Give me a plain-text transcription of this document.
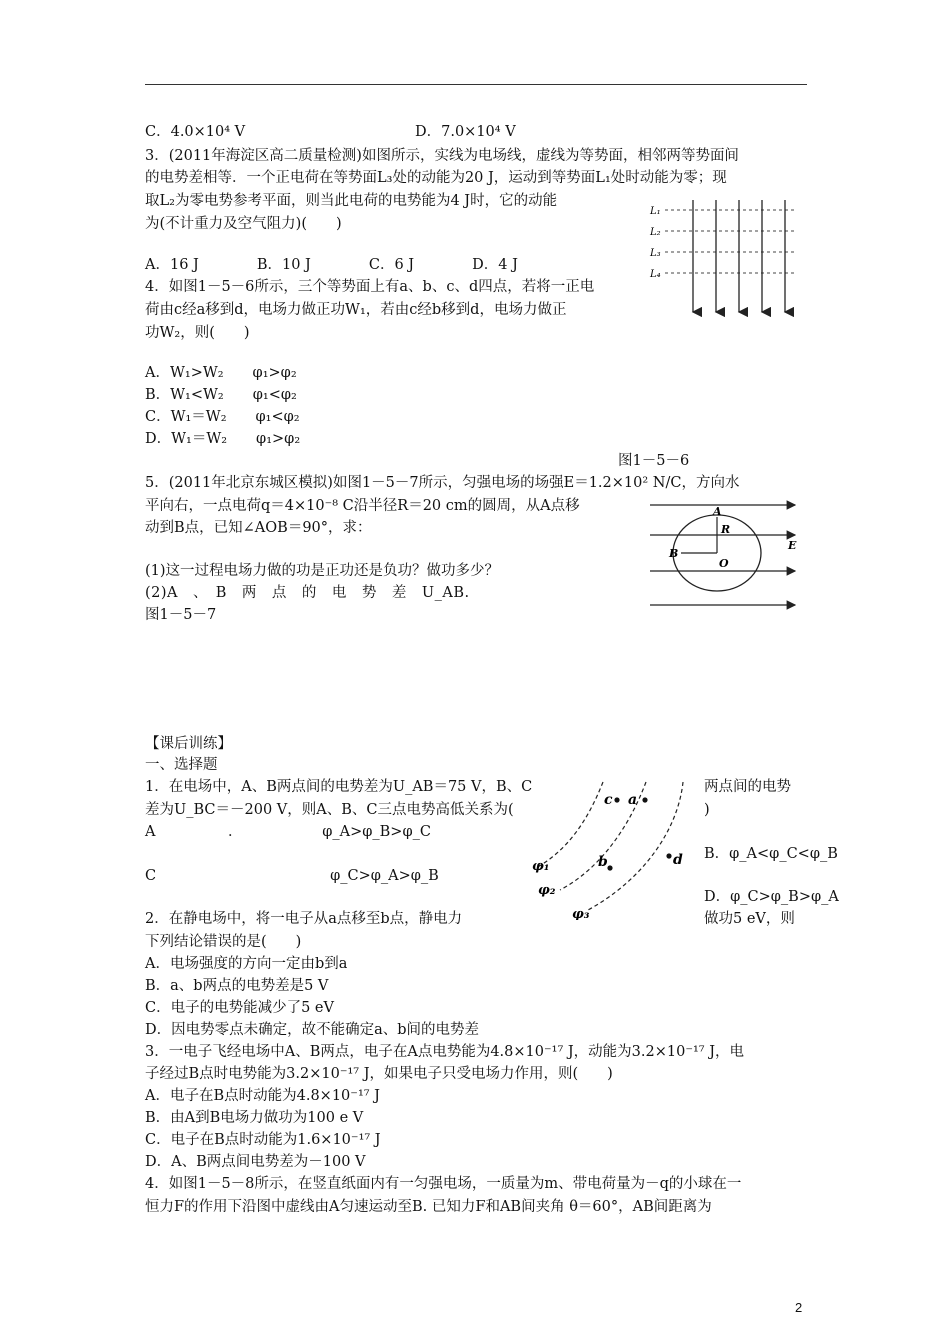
C．4.0×10⁴ V	D．7.0×10⁴ V
3．(2011年海淀区高二质量检测)如图所示，实线为电场线，虚线为等势面，相邻两等势面间
的电势差相等．一个正电荷在等势面L₃处的动能为20 J，运动到等势面L₁处时动能为零；现
取L₂为零电势参考平面，则当此电荷的电势能为4 J时，它的动能
为(不计重力及空气阻力)(　　)
A．16 J　　　　B．10 J　　　　C．6 J　　　　D．4 J
L₁
L₂
L₃
L₄
4．如图1－5－6所示，三个等势面上有a、b、c、d四点，若将一正电
荷由c经a移到d，电场力做正功W₁，若由c经b移到d，电场力做正
功W₂，则(　　)
A．W₁>W₂　　φ₁>φ₂
B．W₁<W₂　　φ₁<φ₂
C．W₁＝W₂　　φ₁<φ₂
D．W₁＝W₂　　φ₁>φ₂
图1－5－6
5．(2011年北京东城区模拟)如图1－5－7所示，匀强电场的场强E＝1.2×10² N/C，方向水
平向右，一点电荷q＝4×10⁻⁸ C沿半径R＝20 cm的圆周，从A点移
动到B点，已知∠AOB＝90°，求：
(1)这一过程电场力做的功是正功还是负功？做功多少？
(2)A　、　B　两　点　的　电　势　差　U_AB.
图1－5－7
A
R
B
O
E
【课后训练】
一、选择题
1．在电场中，A、B两点间的电势差为U_AB＝75 V，B、C	两点间的电势
差为U_BC＝－200 V，则A、B、C三点电势高低关系为(	)
A　　　　　．　　　　　　φ_A>φ_B>φ_C
B．φ_A<φ_C<φ_B
C　　　　　　　　　　　　φ_C>φ_A>φ_B
D．φ_C>φ_B>φ_A
c a
b	d
φ₁
φ₂
φ₃
2．在静电场中，将一电子从a点移至b点，静电力	做功5 eV，则
下列结论错误的是(　　)
A．电场强度的方向一定由b到a
B．a、b两点的电势差是5 V
C．电子的电势能减少了5 eV
D．因电势零点未确定，故不能确定a、b间的电势差
3．一电子飞经电场中A、B两点，电子在A点电势能为4.8×10⁻¹⁷ J，动能为3.2×10⁻¹⁷ J，电
子经过B点时电势能为3.2×10⁻¹⁷ J，如果电子只受电场力作用，则(　　)
A．电子在B点时动能为4.8×10⁻¹⁷ J
B．由A到B电场力做功为100 e V
C．电子在B点时动能为1.6×10⁻¹⁷ J
D．A、B两点间电势差为－100 V
4．如图1－5－8所示，在竖直纸面内有一匀强电场，一质量为m、带电荷量为－q的小球在一
恒力F的作用下沿图中虚线由A匀速运动至B. 已知力F和AB间夹角 θ＝60°，AB间距离为
2
